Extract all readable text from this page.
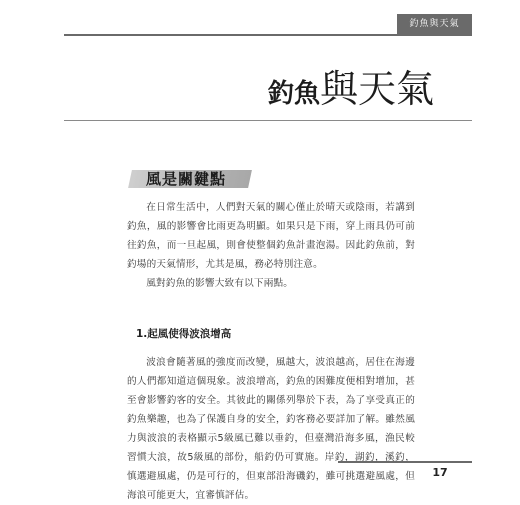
釣魚與天氣
釣魚與天氣
風是關鍵點

在日常生活中，人們對天氣的關心僅止於晴天或陰雨，若講到釣魚，風的影響會比雨更為明顯。如果只是下雨，穿上雨具仍可前往釣魚，而一旦起風，則會使整個釣魚計畫泡湯。因此釣魚前，對釣場的天氣情形，尤其是風，務必特別注意。

風對釣魚的影響大致有以下兩點。

1.起風使得波浪增高

波浪會隨著風的強度而改變，風越大，波浪越高，居住在海邊的人們都知道這個現象。波浪增高，釣魚的困難度便相對增加，甚至會影響釣客的安全。其彼此的關係列舉於下表，為了享受真正的釣魚樂趣，也為了保護自身的安全，釣客務必要詳加了解。雖然風力與波浪的表格顯示5級風已難以垂釣，但臺灣沿海多風，漁民較習慣大浪，故5級風的部份，船釣仍可實施。岸釣，湖釣，溪釣，慎選避風處，仍是可行的，但東部沿海磯釣，雖可挑選避風處，但海浪可能更大，宜審慎評估。

17
